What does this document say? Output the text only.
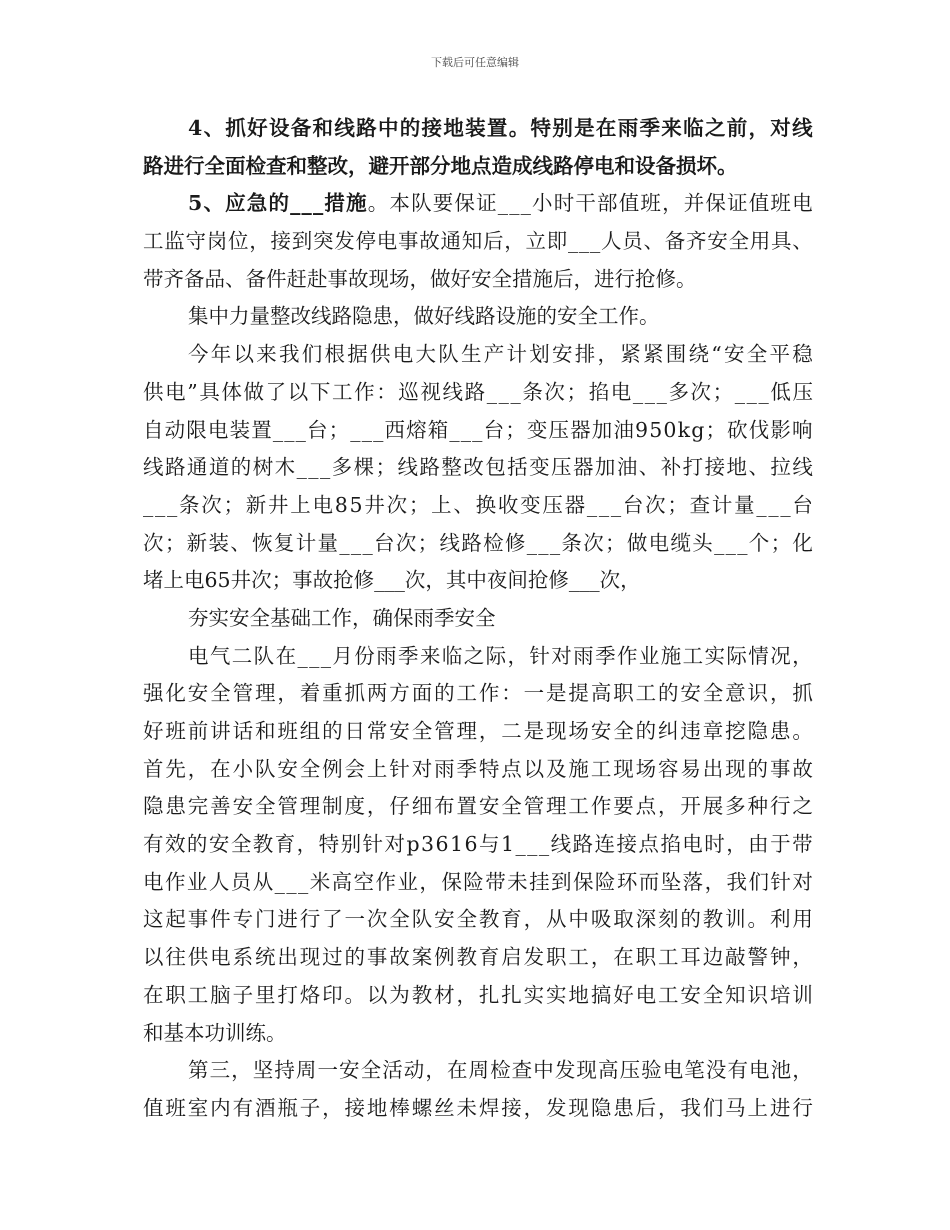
下载后可任意编辑
4 、 抓 好 设 备 和 线 路 中 的 接 地 装 置 。 特 别 是 在 雨 季 来 临 之 前 ， 对 线
路 进 行 全 面 检 查 和 整 改 ， 避 开 部 分 地 点 造 成 线 路 停 电 和 设 备 损 坏 。
5 、 应 急 的 _ _ _ 措 施 。 本 队 要 保 证 _ _ _ 小 时 干 部 值 班 ， 并 保 证 值 班 电
工 监 守 岗 位 ， 接 到 突 发 停 电 事 故 通 知 后 ， 立 即 _ _ _ 人 员 、 备 齐 安 全 用 具 、
带 齐 备 品 、 备 件 赶 赴 事 故 现 场 ， 做 好 安 全 措 施 后 ， 进 行 抢 修 。
集 中 力 量 整 改 线 路 隐 患 ， 做 好 线 路 设 施 的 安 全 工 作 。
今 年 以 来 我 们 根 据 供 电 大 队 生 产 计 划 安 排 ， 紧 紧 围 绕 “ 安 全 平 稳
供 电 ” 具 体 做 了 以 下 工 作 ： 巡 视 线 路 _ _ _ 条 次 ； 掐 电 _ _ _ 多 次 ； _ _ _ 低 压
自 动 限 电 装 置 _ _ _ 台 ； _ _ _ 西 熔 箱 _ _ _ 台 ； 变 压 器 加 油 9 5 0 k g ； 砍 伐 影 响
线 路 通 道 的 树 木 _ _ _ 多 棵 ； 线 路 整 改 包 括 变 压 器 加 油 、 补 打 接 地 、 拉 线
_ _ _ 条 次 ； 新 井 上 电 8 5 井 次 ； 上 、 换 收 变 压 器 _ _ _ 台 次 ； 查 计 量 _ _ _ 台
次 ； 新 装 、 恢 复 计 量 _ _ _ 台 次 ； 线 路 检 修 _ _ _ 条 次 ； 做 电 缆 头 _ _ _ 个 ； 化
堵 上 电 6 5 井 次 ； 事 故 抢 修 _ _ _ 次 ， 其 中 夜 间 抢 修 _ _ _ 次 ，
夯 实 安 全 基 础 工 作 ， 确 保 雨 季 安 全
电 气 二 队 在 _ _ _ 月 份 雨 季 来 临 之 际 ， 针 对 雨 季 作 业 施 工 实 际 情 况 ，
强 化 安 全 管 理 ， 着 重 抓 两 方 面 的 工 作 ： 一 是 提 高 职 工 的 安 全 意 识 ， 抓
好 班 前 讲 话 和 班 组 的 日 常 安 全 管 理 ， 二 是 现 场 安 全 的 纠 违 章 挖 隐 患 。
首 先 ， 在 小 队 安 全 例 会 上 针 对 雨 季 特 点 以 及 施 工 现 场 容 易 出 现 的 事 故
隐 患 完 善 安 全 管 理 制 度 ， 仔 细 布 置 安 全 管 理 工 作 要 点 ， 开 展 多 种 行 之
有 效 的 安 全 教 育 ， 特 别 针 对 p 3 6 1 6 与 1 _ _ _ 线 路 连 接 点 掐 电 时 ， 由 于 带
电 作 业 人 员 从 _ _ _ 米 高 空 作 业 ， 保 险 带 未 挂 到 保 险 环 而 坠 落 ， 我 们 针 对
这 起 事 件 专 门 进 行 了 一 次 全 队 安 全 教 育 ， 从 中 吸 取 深 刻 的 教 训 。 利 用
以 往 供 电 系 统 出 现 过 的 事 故 案 例 教 育 启 发 职 工 ， 在 职 工 耳 边 敲 警 钟 ，
在 职 工 脑 子 里 打 烙 印 。 以 为 教 材 ， 扎 扎 实 实 地 搞 好 电 工 安 全 知 识 培 训
和 基 本 功 训 练 。
第 三 ， 坚 持 周 一 安 全 活 动 ， 在 周 检 查 中 发 现 高 压 验 电 笔 没 有 电 池 ，
值 班 室 内 有 酒 瓶 子 ， 接 地 棒 螺 丝 未 焊 接 ， 发 现 隐 患 后 ， 我 们 马 上 进 行
